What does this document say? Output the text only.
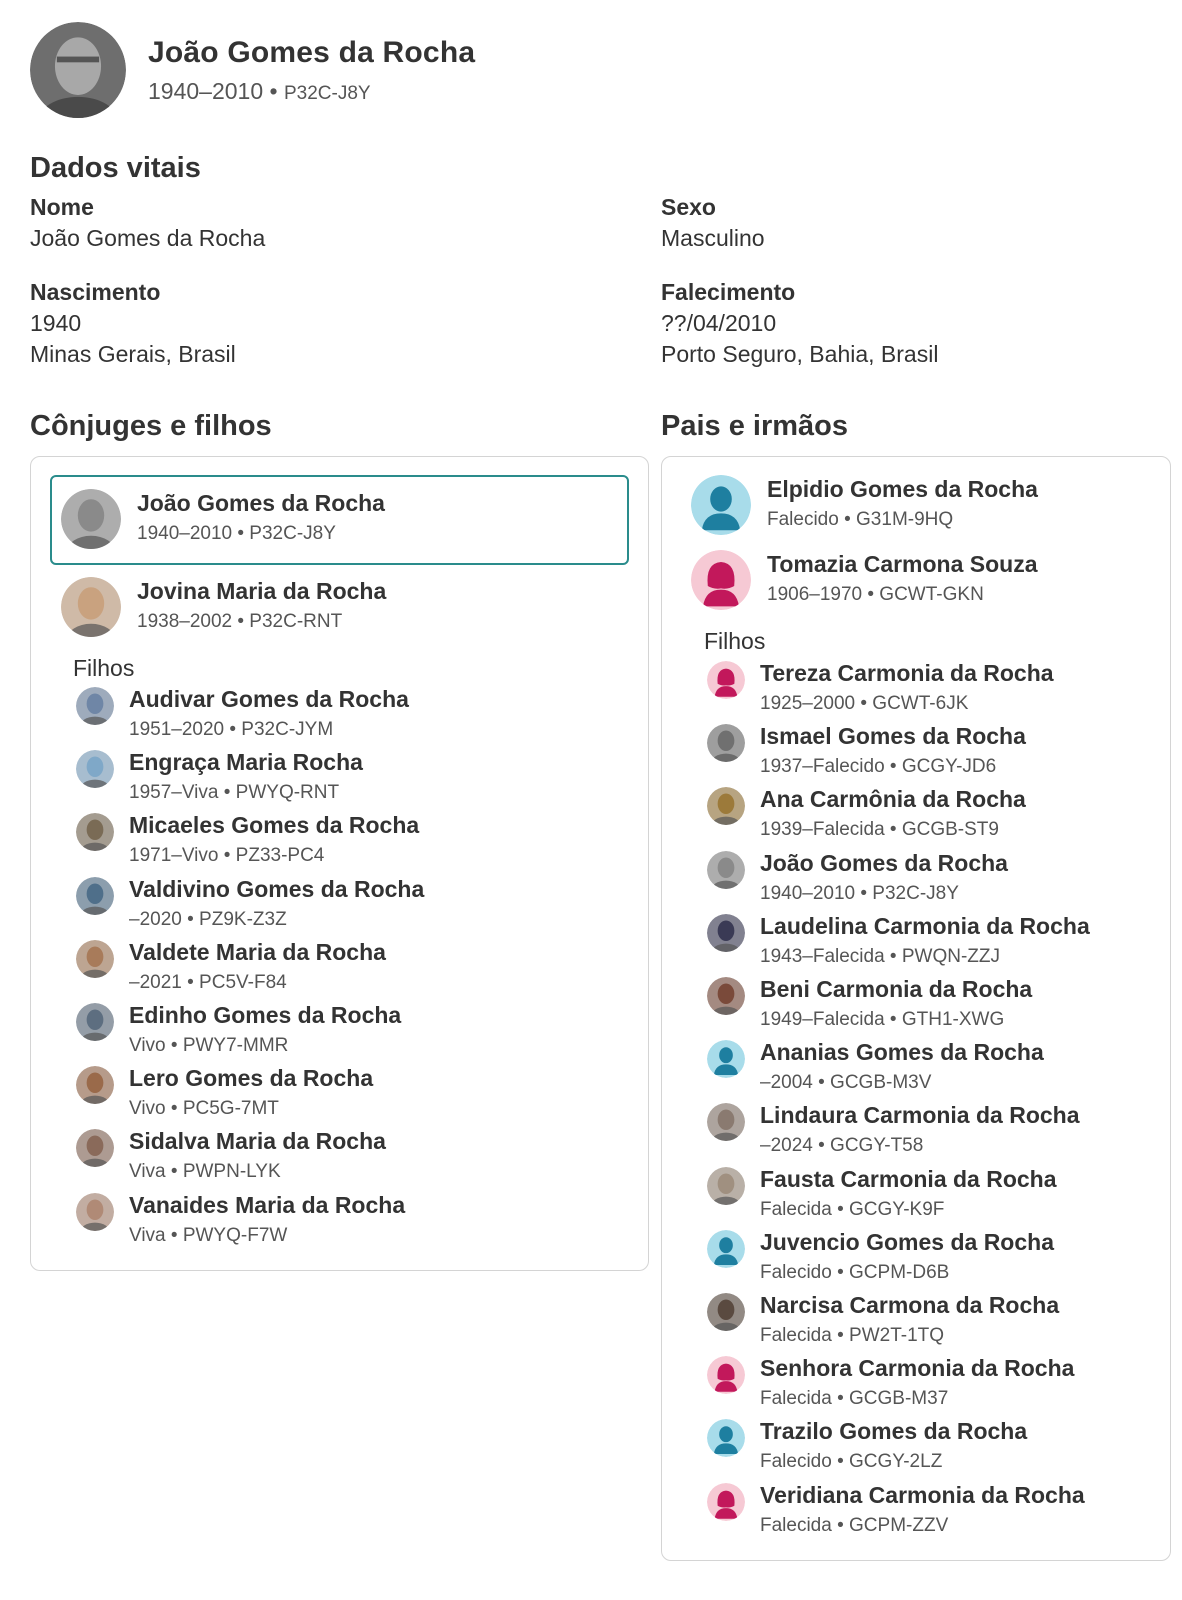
João Gomes da Rocha
1940–2010 • P32C-J8Y
Dados vitais
Nome
João Gomes da Rocha
Sexo
Masculino
Nascimento
1940
Minas Gerais, Brasil
Falecimento
??/04/2010
Porto Seguro, Bahia, Brasil
Cônjuges e filhos	Pais e irmãos
João Gomes da Rocha
1940–2010 • P32C-J8Y
Jovina Maria da Rocha
1938–2002 • P32C-RNT
Filhos
Audivar Gomes da Rocha
1951–2020 • P32C-JYM
Engraça Maria Rocha
1957–Viva • PWYQ-RNT
Micaeles Gomes da Rocha
1971–Vivo • PZ33-PC4
Valdivino Gomes da Rocha
–2020 • PZ9K-Z3Z
Valdete Maria da Rocha
–2021 • PC5V-F84
Edinho Gomes da Rocha
Vivo • PWY7-MMR
Lero Gomes da Rocha
Vivo • PC5G-7MT
Sidalva Maria da Rocha
Viva • PWPN-LYK
Vanaides Maria da Rocha
Viva • PWYQ-F7W
Elpidio Gomes da Rocha
Falecido • G31M-9HQ
Tomazia Carmona Souza
1906–1970 • GCWT-GKN
Filhos
Tereza Carmonia da Rocha
1925–2000 • GCWT-6JK
Ismael Gomes da Rocha
1937–Falecido • GCGY-JD6
Ana Carmônia da Rocha
1939–Falecida • GCGB-ST9
João Gomes da Rocha
1940–2010 • P32C-J8Y
Laudelina Carmonia da Rocha
1943–Falecida • PWQN-ZZJ
Beni Carmonia da Rocha
1949–Falecida • GTH1-XWG
Ananias Gomes da Rocha
–2004 • GCGB-M3V
Lindaura Carmonia da Rocha
–2024 • GCGY-T58
Fausta Carmonia da Rocha
Falecida • GCGY-K9F
Juvencio Gomes da Rocha
Falecido • GCPM-D6B
Narcisa Carmona da Rocha
Falecida • PW2T-1TQ
Senhora Carmonia da Rocha
Falecida • GCGB-M37
Trazilo Gomes da Rocha
Falecido • GCGY-2LZ
Veridiana Carmonia da Rocha
Falecida • GCPM-ZZV
